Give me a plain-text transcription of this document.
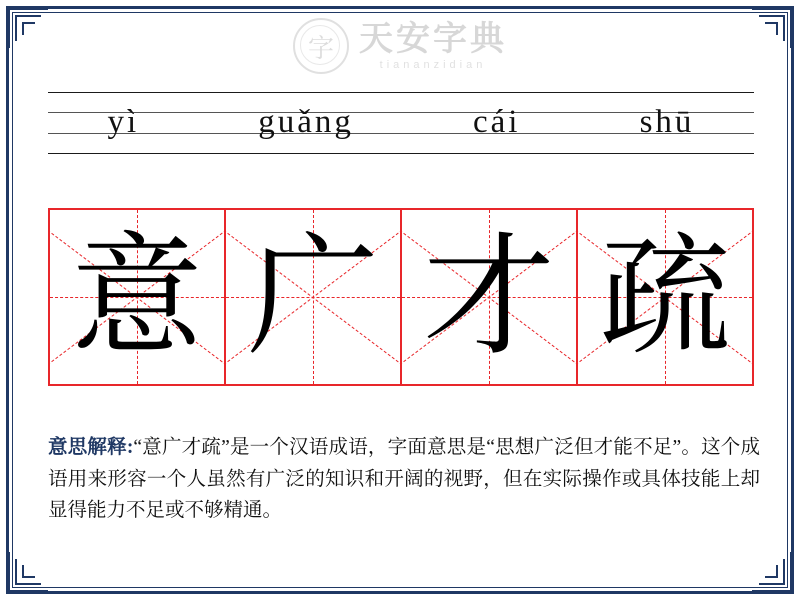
字 天安字典
tiananzidian
yì	guǎng	cái	shū
意 广 才 疏
意思解释:“意广才疏”是一个汉语成语，字面意思是“思想广泛但才能不足”。这个成语用来形容一个人虽然有广泛的知识和开阔的视野，但在实际操作或具体技能上却显得能力不足或不够精通。
